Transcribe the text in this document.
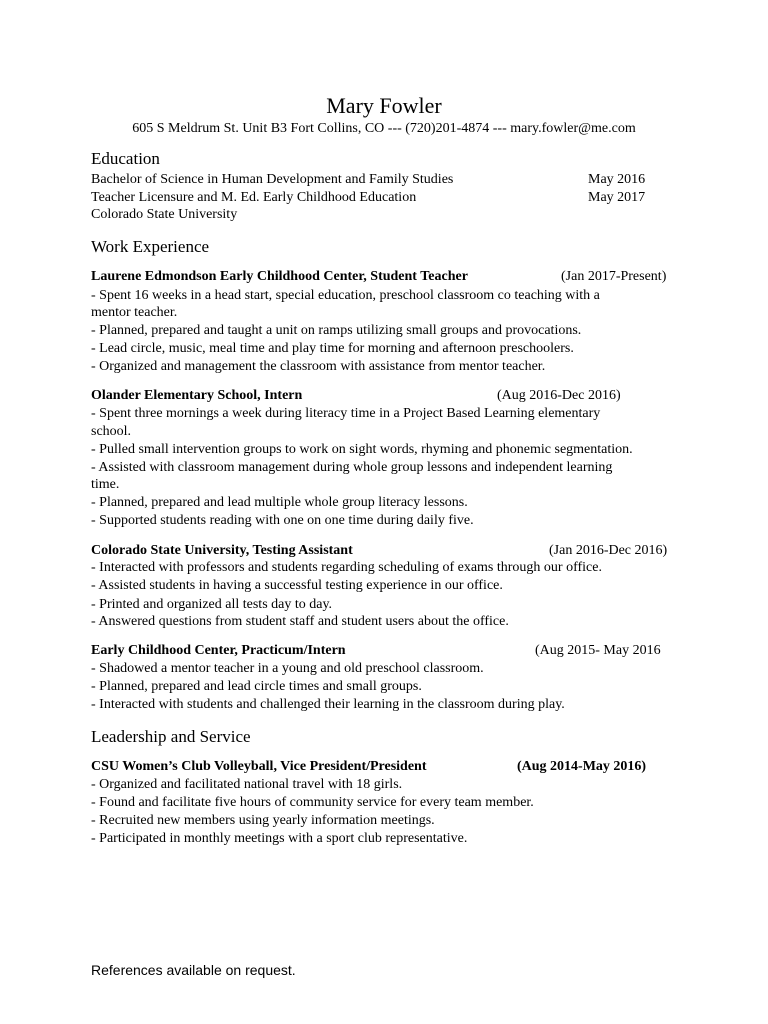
Mary Fowler
605 S Meldrum St. Unit B3 Fort Collins, CO --- (720)201-4874 --- mary.fowler@me.com
Education
Bachelor of Science in Human Development and Family Studies	May 2016
Teacher Licensure and M. Ed. Early Childhood Education	May 2017
Colorado State University
Work Experience
Laurene Edmondson Early Childhood Center, Student Teacher	(Jan 2017-Present)
- Spent 16 weeks in a head start, special education, preschool classroom co teaching with a
mentor teacher.
- Planned, prepared and taught a unit on ramps utilizing small groups and provocations.
- Lead circle, music, meal time and play time for morning and afternoon preschoolers.
- Organized and management the classroom with assistance from mentor teacher.
Olander Elementary School, Intern	(Aug 2016-Dec 2016)
- Spent three mornings a week during literacy time in a Project Based Learning elementary
school.
- Pulled small intervention groups to work on sight words, rhyming and phonemic segmentation.
- Assisted with classroom management during whole group lessons and independent learning
time.
- Planned, prepared and lead multiple whole group literacy lessons.
- Supported students reading with one on one time during daily five.
Colorado State University, Testing Assistant	(Jan 2016-Dec 2016)
- Interacted with professors and students regarding scheduling of exams through our office.
- Assisted students in having a successful testing experience in our office.
- Printed and organized all tests day to day.
- Answered questions from student staff and student users about the office.
Early Childhood Center, Practicum/Intern	(Aug 2015- May 2016
- Shadowed a mentor teacher in a young and old preschool classroom.
- Planned, prepared and lead circle times and small groups.
- Interacted with students and challenged their learning in the classroom during play.
Leadership and Service
CSU Women’s Club Volleyball, Vice President/President	(Aug 2014-May 2016)
- Organized and facilitated national travel with 18 girls.
- Found and facilitate five hours of community service for every team member.
- Recruited new members using yearly information meetings.
- Participated in monthly meetings with a sport club representative.
References available on request.
